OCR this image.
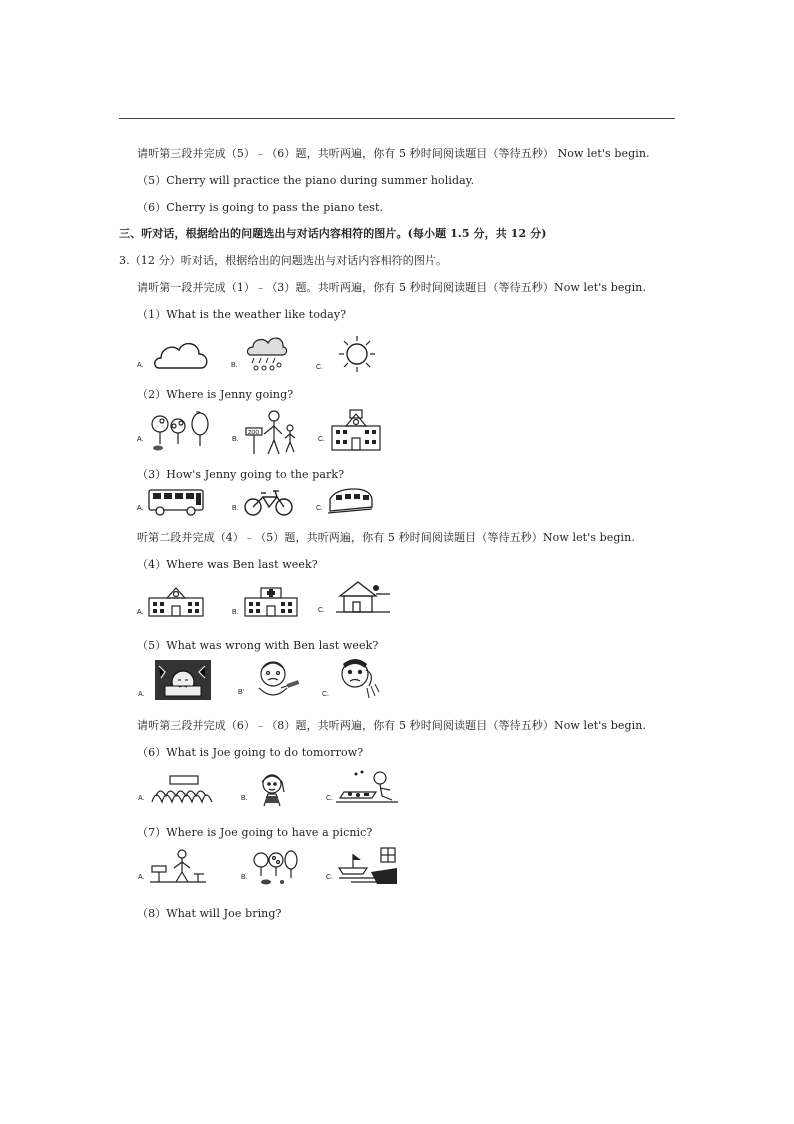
请听第三段并完成（5）﹣（6）题，共听两遍，你有 5 秒时间阅读题目（等待五秒） Now let's begin.
（5）Cherry will practice the piano during summer holiday.
（6）Cherry is going to pass the piano test.
三、听对话，根据给出的问题选出与对话内容相符的图片。(每小题 1.5 分，共 12 分)
3.（12 分）听对话，根据给出的问题选出与对话内容相符的图片。
请听第一段并完成（1）﹣（3）题。共听两遍，你有 5 秒时间阅读题目（等待五秒）Now let's begin.
（1）What is the weather like today?
A.	B.	C.
（2）Where is Jenny going?
A.	B.
ZOO
C.
（3）How's Jenny going to the park?
A.	B.	C.
听第二段并完成（4）﹣（5）题，共听两遍，你有 5 秒时间阅读题目（等待五秒）Now let's begin.
（4）Where was Ben last week?
A.	B.	C.
（5）What was wrong with Ben last week?
A.	B'	C.
请听第三段并完成（6）﹣（8）题，共听两遍，你有 5 秒时间阅读题目（等待五秒）Now let's begin.
（6）What is Joe going to do tomorrow?
A.	B.	C.
（7）Where is Joe going to have a picnic?
A.	B.	C.
（8）What will Joe bring?
